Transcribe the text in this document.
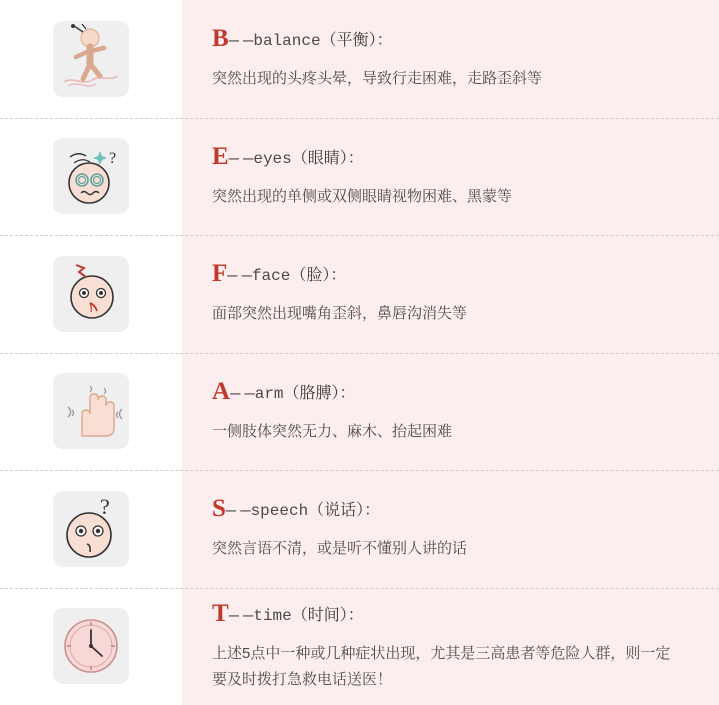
B— —balance（平衡）：
突然出现的头疼头晕，导致行走困难，走路歪斜等
?	E— —eyes（眼睛）：
突然出现的单侧或双侧眼睛视物困难、黑蒙等
F— —face（脸）：
面部突然出现嘴角歪斜，鼻唇沟消失等
A— —arm（胳膊）：
一侧肢体突然无力、麻木、抬起困难
?	S— —speech（说话）：
突然言语不清，或是听不懂别人讲的话
T— —time（时间）：
上述5点中一种或几种症状出现，尤其是三高患者等危险人群，则一定要及时拨打急救电话送医！
